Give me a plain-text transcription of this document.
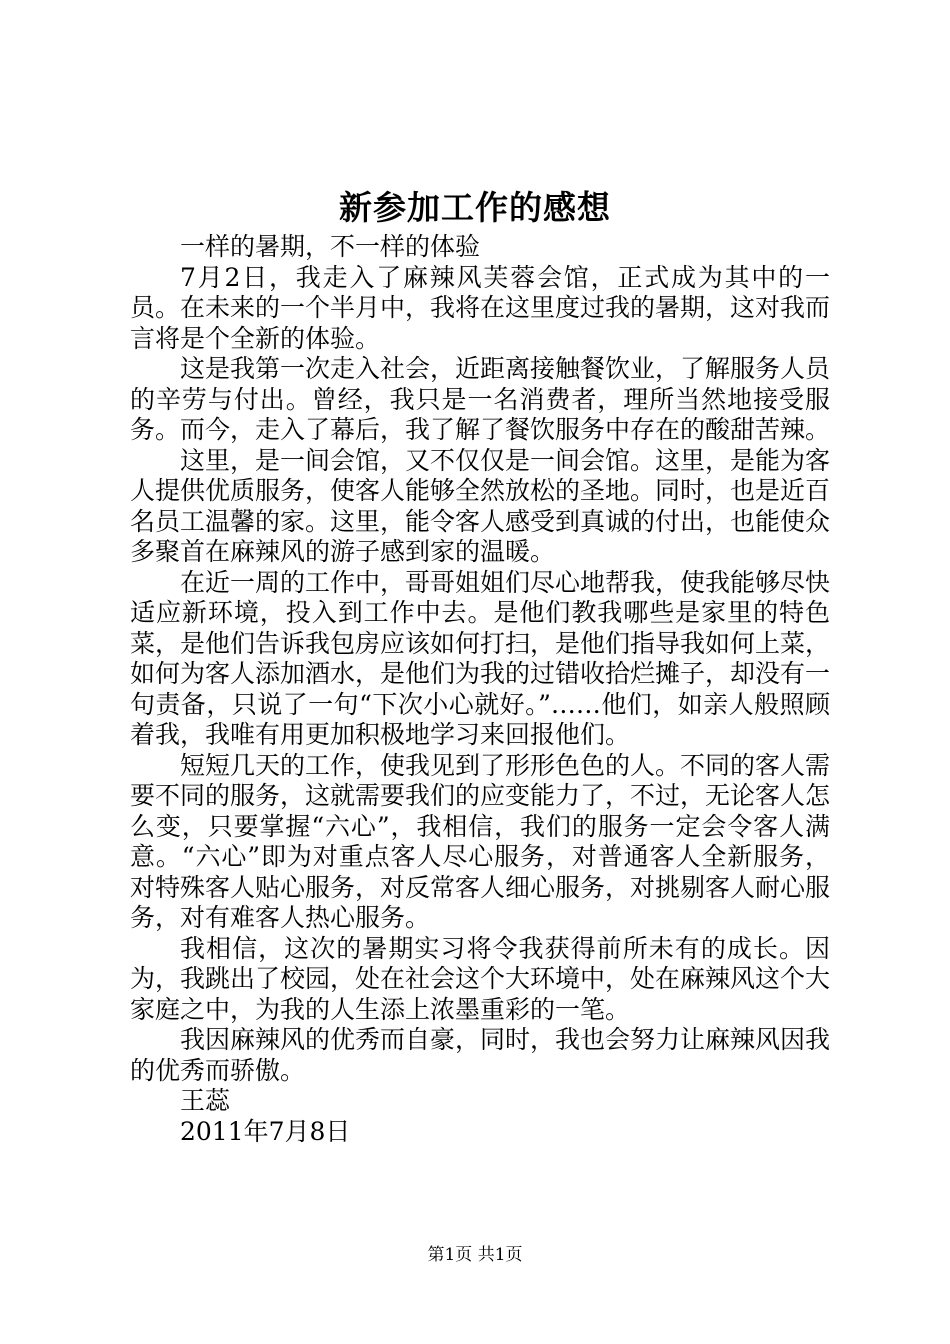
新参加工作的感想

一样的暑期，不一样的体验

7月2日，我走入了麻辣风芙蓉会馆，正式成为其中的一员。在未来的一个半月中，我将在这里度过我的暑期，这对我而言将是个全新的体验。

这是我第一次走入社会，近距离接触餐饮业，了解服务人员的辛劳与付出。曾经，我只是一名消费者，理所当然地接受服务。而今，走入了幕后，我了解了餐饮服务中存在的酸甜苦辣。

这里，是一间会馆，又不仅仅是一间会馆。这里，是能为客人提供优质服务，使客人能够全然放松的圣地。同时，也是近百名员工温馨的家。这里，能令客人感受到真诚的付出，也能使众多聚首在麻辣风的游子感到家的温暖。

在近一周的工作中，哥哥姐姐们尽心地帮我，使我能够尽快适应新环境，投入到工作中去。是他们教我哪些是家里的特色菜，是他们告诉我包房应该如何打扫，是他们指导我如何上菜，如何为客人添加酒水，是他们为我的过错收拾烂摊子，却没有一句责备，只说了一句“下次小心就好。”……他们，如亲人般照顾着我，我唯有用更加积极地学习来回报他们。

短短几天的工作，使我见到了形形色色的人。不同的客人需要不同的服务，这就需要我们的应变能力了，不过，无论客人怎么变，只要掌握“六心”，我相信，我们的服务一定会令客人满意。“六心”即为对重点客人尽心服务，对普通客人全新服务，对特殊客人贴心服务，对反常客人细心服务，对挑剔客人耐心服务，对有难客人热心服务。

我相信，这次的暑期实习将令我获得前所未有的成长。因为，我跳出了校园，处在社会这个大环境中，处在麻辣风这个大家庭之中，为我的人生添上浓墨重彩的一笔。

我因麻辣风的优秀而自豪，同时，我也会努力让麻辣风因我的优秀而骄傲。

王蕊

2011年7月8日

第1页 共1页
